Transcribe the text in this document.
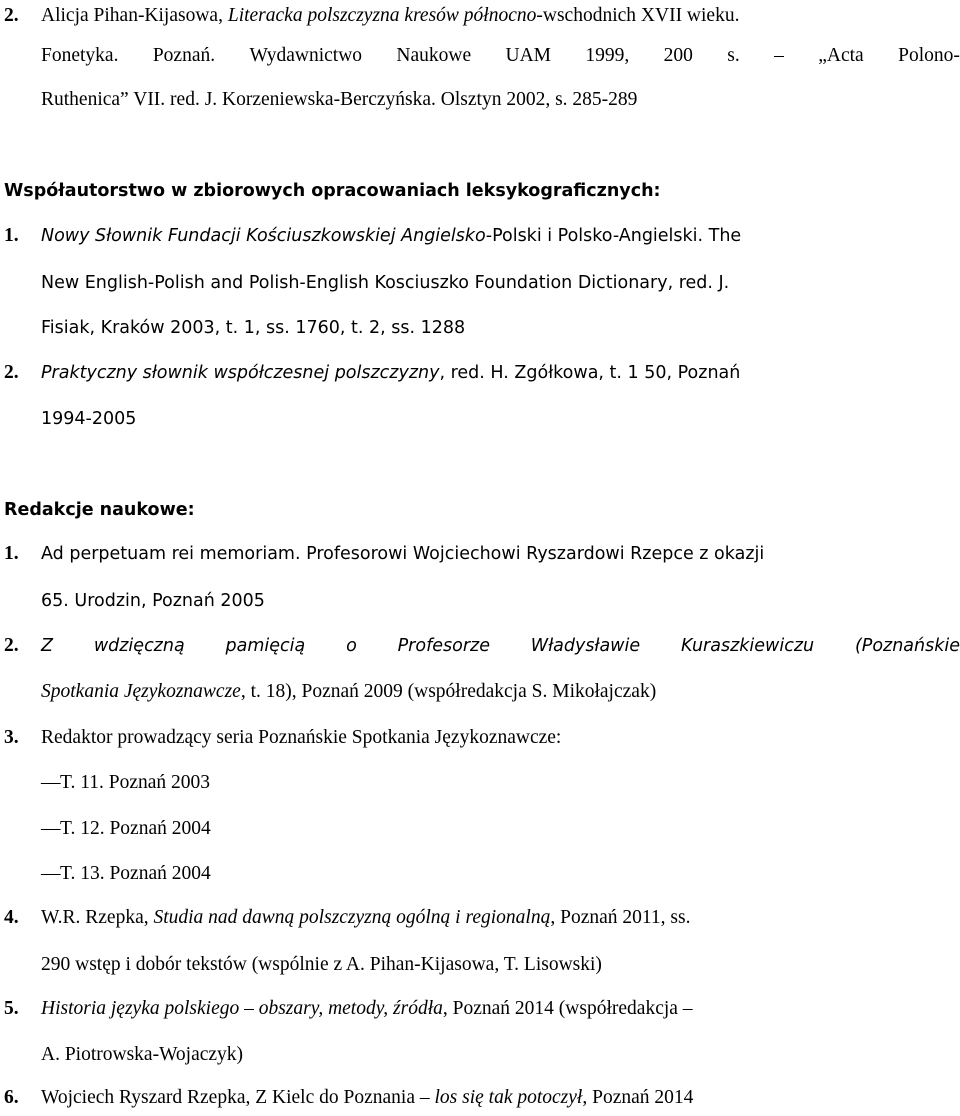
2. Alicja Pihan-Kijasowa, Literacka polszczyzna kresów północno-wschodnich XVII wieku.
Fonetyka. Poznań. Wydawnictwo Naukowe UAM 1999, 200 s. – „Acta Polono-
Ruthenica” VII. red. J. Korzeniewska-Berczyńska. Olsztyn 2002, s. 285-289
Współautorstwo w zbiorowych opracowaniach leksykograficznych:
1. Nowy Słownik Fundacji Kościuszkowskiej Angielsko-Polski i Polsko-Angielski. The
New English-Polish and Polish-English Kosciuszko Foundation Dictionary, red. J.
Fisiak, Kraków 2003, t. 1, ss. 1760, t. 2, ss. 1288
2. Praktyczny słownik współczesnej polszczyzny, red. H. Zgółkowa, t. 1 50, Poznań
1994-2005
Redakcje naukowe:
1. Ad perpetuam rei memoriam. Profesorowi Wojciechowi Ryszardowi Rzepce z okazji
65. Urodzin, Poznań 2005
2. Z wdzięczną pamięcią o Profesorze Władysławie Kuraszkiewiczu (Poznańskie
Spotkania Językoznawcze, t. 18), Poznań 2009 (współredakcja S. Mikołajczak)
3. Redaktor prowadzący seria Poznańskie Spotkania Językoznawcze:
— T. 11. Poznań 2003
— T. 12. Poznań 2004
— T. 13. Poznań 2004
4. W.R. Rzepka, Studia nad dawną polszczyzną ogólną i regionalną, Poznań 2011, ss.
290 wstęp i dobór tekstów (wspólnie z A. Pihan-Kijasowa, T. Lisowski)
5. Historia języka polskiego – obszary, metody, źródła, Poznań 2014 (współredakcja –
A. Piotrowska-Wojaczyk)
6. Wojciech Ryszard Rzepka, Z Kielc do Poznania – los się tak potoczył, Poznań 2014
